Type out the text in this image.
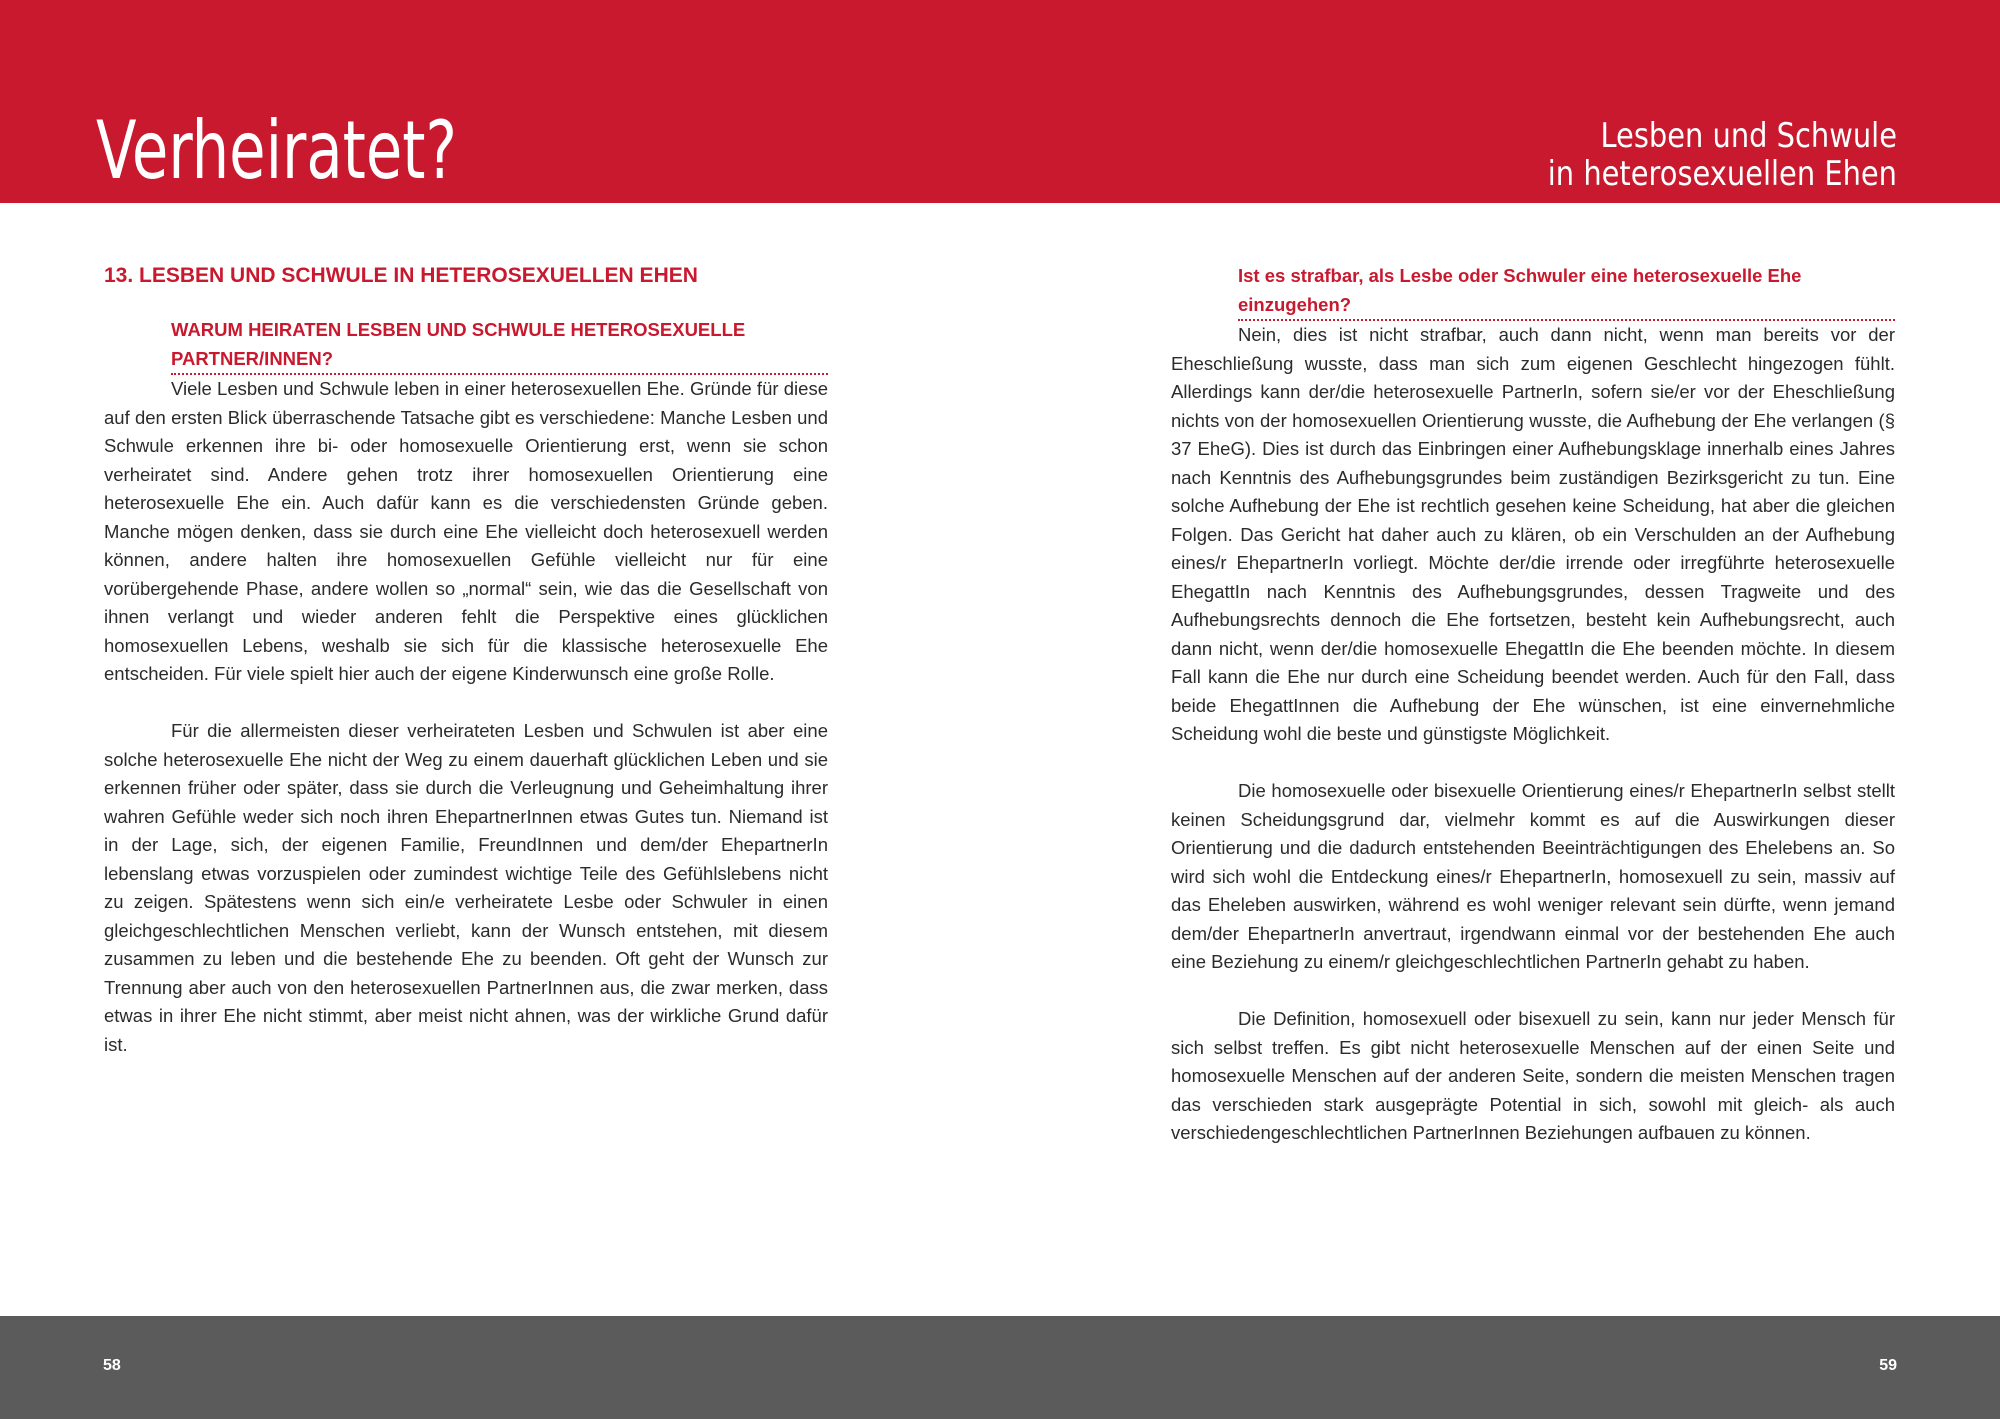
Verheiratet?	Lesben und Schwule
in heterosexuellen Ehen
13. LESBEN UND SCHWULE IN HETEROSEXUELLEN EHEN
WARUM HEIRATEN LESBEN UND SCHWULE HETEROSEXUELLE
PARTNER/INNEN?

Viele Lesben und Schwule leben in einer heterosexuellen Ehe. Gründe für diese auf den ersten Blick überraschende Tatsache gibt es verschiedene: Manche Lesben und Schwule erkennen ihre bi- oder homosexuelle Orientierung erst, wenn sie schon verheiratet sind. Andere gehen trotz ihrer homosexuellen Orientierung eine heterosexuelle Ehe ein. Auch dafür kann es die verschiedensten Gründe geben. Manche mögen denken, dass sie durch eine Ehe vielleicht doch heterosexuell werden können, andere halten ihre homosexuellen Gefühle vielleicht nur für eine vorübergehende Phase, andere wollen so „normal“ sein, wie das die Gesellschaft von ihnen verlangt und wieder anderen fehlt die Perspektive eines glücklichen homosexuellen Lebens, weshalb sie sich für die klassische heterosexuelle Ehe entscheiden. Für viele spielt hier auch der eigene Kinderwunsch eine große Rolle.

Für die allermeisten dieser verheirateten Lesben und Schwulen ist aber eine solche heterosexuelle Ehe nicht der Weg zu einem dauerhaft glücklichen Leben und sie erkennen früher oder später, dass sie durch die Verleugnung und Geheimhaltung ihrer wahren Gefühle weder sich noch ihren EhepartnerInnen etwas Gutes tun. Niemand ist in der Lage, sich, der eigenen Familie, FreundInnen und dem/der EhepartnerIn lebenslang etwas vorzuspielen oder zumindest wichtige Teile des Gefühlslebens nicht zu zeigen. Spätestens wenn sich ein/e verheiratete Lesbe oder Schwuler in einen gleichgeschlechtlichen Menschen verliebt, kann der Wunsch entstehen, mit diesem zusammen zu leben und die bestehende Ehe zu beenden. Oft geht der Wunsch zur Trennung aber auch von den heterosexuellen PartnerInnen aus, die zwar merken, dass etwas in ihrer Ehe nicht stimmt, aber meist nicht ahnen, was der wirkliche Grund dafür ist.

Ist es strafbar, als Lesbe oder Schwuler eine heterosexuelle Ehe
einzugehen?

Nein, dies ist nicht strafbar, auch dann nicht, wenn man bereits vor der Eheschließung wusste, dass man sich zum eigenen Geschlecht hingezogen fühlt. Allerdings kann der/die heterosexuelle PartnerIn, sofern sie/er vor der Eheschließung nichts von der homosexuellen Orientierung wusste, die Aufhebung der Ehe verlangen (§ 37 EheG). Dies ist durch das Einbringen einer Aufhebungsklage innerhalb eines Jahres nach Kenntnis des Aufhebungsgrundes beim zuständigen Bezirksgericht zu tun. Eine solche Aufhebung der Ehe ist rechtlich gesehen keine Scheidung, hat aber die gleichen Folgen. Das Gericht hat daher auch zu klären, ob ein Verschulden an der Aufhebung eines/r EhepartnerIn vorliegt. Möchte der/die irrende oder irregführte heterosexuelle EhegattIn nach Kenntnis des Aufhebungsgrundes, dessen Tragweite und des Aufhebungsrechts dennoch die Ehe fortsetzen, besteht kein Aufhebungsrecht, auch dann nicht, wenn der/die homosexuelle EhegattIn die Ehe beenden möchte. In diesem Fall kann die Ehe nur durch eine Scheidung beendet werden. Auch für den Fall, dass beide EhegattInnen die Aufhebung der Ehe wünschen, ist eine einvernehmliche Scheidung wohl die beste und günstigste Möglichkeit.

Die homosexuelle oder bisexuelle Orientierung eines/r EhepartnerIn selbst stellt keinen Scheidungsgrund dar, vielmehr kommt es auf die Auswirkungen dieser Orientierung und die dadurch entstehenden Beeinträchtigungen des Ehelebens an. So wird sich wohl die Entdeckung eines/r EhepartnerIn, homosexuell zu sein, massiv auf das Eheleben auswirken, während es wohl weniger relevant sein dürfte, wenn jemand dem/der EhepartnerIn anvertraut, irgendwann einmal vor der bestehenden Ehe auch eine Beziehung zu einem/r gleichgeschlechtlichen PartnerIn gehabt zu haben.

Die Definition, homosexuell oder bisexuell zu sein, kann nur jeder Mensch für sich selbst treffen. Es gibt nicht heterosexuelle Menschen auf der einen Seite und homosexuelle Menschen auf der anderen Seite, sondern die meisten Menschen tragen das verschieden stark ausgeprägte Potential in sich, sowohl mit gleich- als auch verschiedengeschlechtlichen PartnerInnen Beziehungen aufbauen zu können.

58	59
